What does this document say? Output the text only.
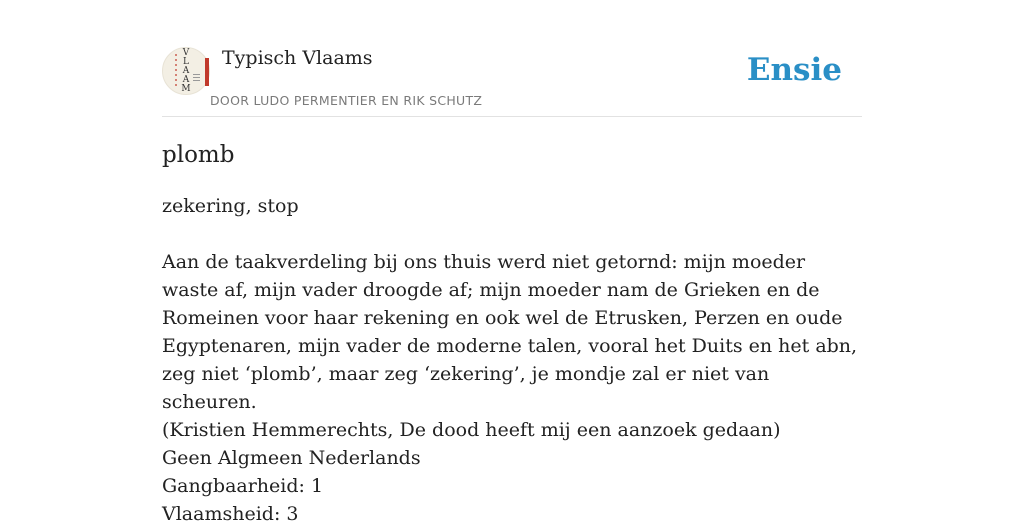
V
L
A
A
M
Typisch Vlaams
DOOR LUDO PERMENTIER EN RIK SCHUTZ
Ensie
plomb

zekering, stop

Aan de taakverdeling bij ons thuis werd niet getornd: mijn moeder waste af, mijn vader droogde af; mijn moeder nam de Grieken en de Romeinen voor haar rekening en ook wel de Etrusken, Perzen en oude Egyptenaren, mijn vader de moderne talen, vooral het Duits en het abn, zeg niet ‘plomb’, maar zeg ‘zekering’, je mondje zal er niet van scheuren.
(Kristien Hemmerechts, De dood heeft mij een aanzoek gedaan)
Geen Algmeen Nederlands
Gangbaarheid: 1
Vlaamsheid: 3
